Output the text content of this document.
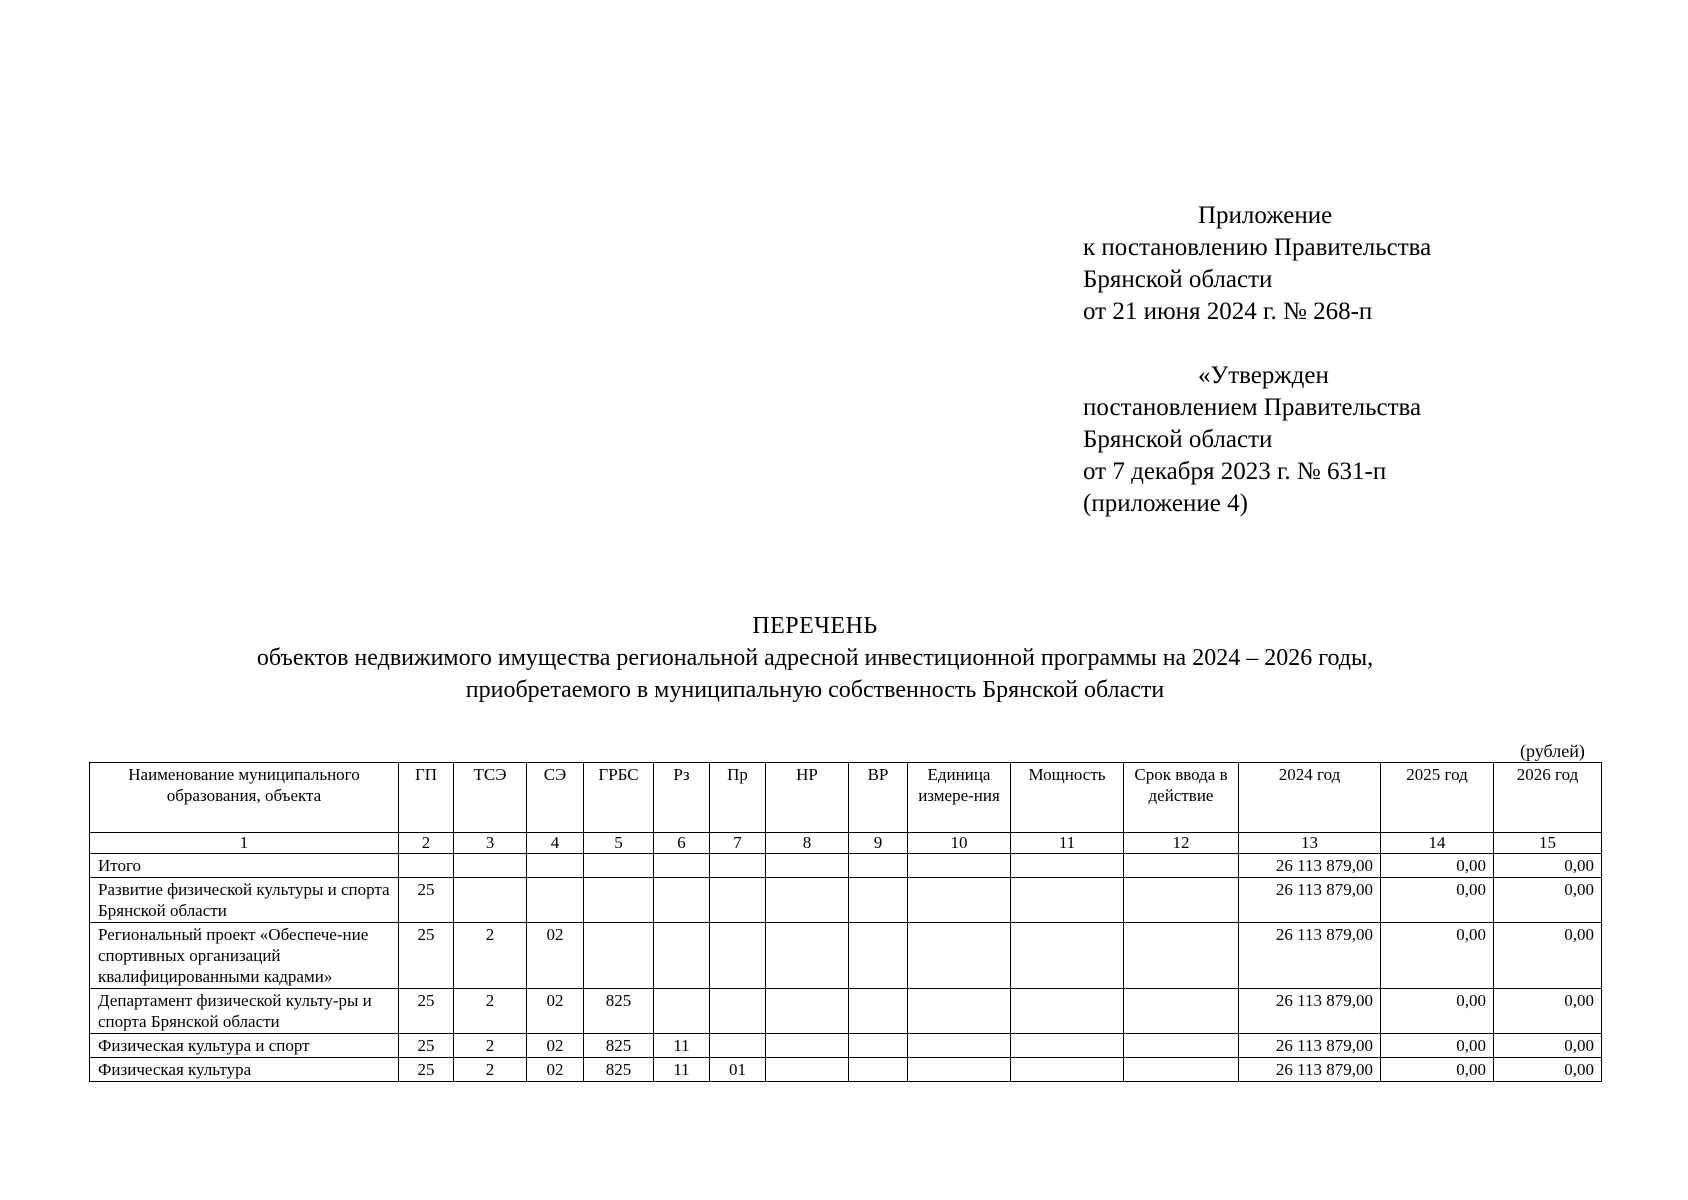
Приложение
к постановлению Правительства
Брянской области
от 21 июня 2024 г. № 268-п
«Утвержден
постановлением Правительства
Брянской области
от 7 декабря 2023 г. № 631-п
(приложение 4)
ПЕРЕЧЕНЬ
объектов недвижимого имущества региональной адресной инвестиционной программы на 2024 – 2026 годы,
приобретаемого в муниципальную собственность Брянской области
(рублей)
Наименование муниципального образования, объекта	ГП	ТСЭ	СЭ	ГРБС	Рз	Пр	НР	ВР	Единица измере-ния	Мощность	Срок ввода в действие	2024 год	2025 год	2026 год
1	2	3	4	5	6	7	8	9	10	11	12	13	14	15
Итого												26 113 879,00	0,00	0,00
Развитие физической культуры и спорта Брянской области	25											26 113 879,00	0,00	0,00
Региональный проект «Обеспече-ние спортивных организаций квалифицированными кадрами»	25	2	02									26 113 879,00	0,00	0,00
Департамент физической культу-ры и спорта Брянской области	25	2	02	825								26 113 879,00	0,00	0,00
Физическая культура и спорт	25	2	02	825	11							26 113 879,00	0,00	0,00
Физическая культура	25	2	02	825	11	01						26 113 879,00	0,00	0,00
